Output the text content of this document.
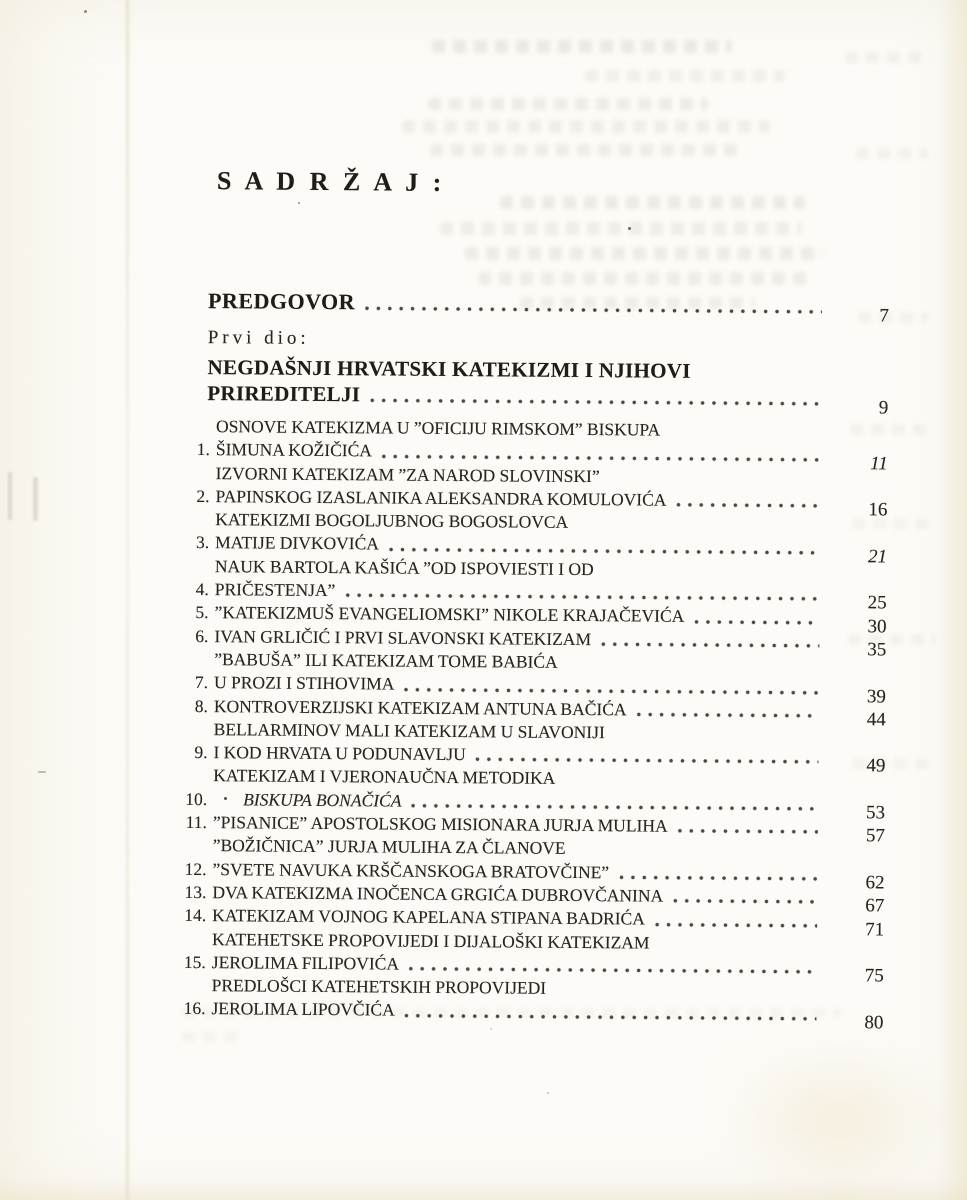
S A D R Ž A J :
PREDGOVOR
7
Prvi dio:
NEGDAŠNJI HRVATSKI KATEKIZMI I NJIHOVI
PRIREDITELJI
9
1.
OSNOVE KATEKIZMA U ”OFICIJU RIMSKOM” BISKUPA
ŠIMUNA KOŽIČIĆA
11
2.
IZVORNI KATEKIZAM ”ZA NAROD SLOVINSKI”
PAPINSKOG IZASLANIKA ALEKSANDRA KOMULOVIĆA
16
3.
KATEKIZMI BOGOLJUBNOG BOGOSLOVCA
MATIJE DIVKOVIĆA
21
4.
NAUK BARTOLA KAŠIĆA ”OD ISPOVIESTI I OD
PRIČESTENJA”
25
5. ”KATEKIZMUŠ EVANGELIOMSKI” NIKOLE KRAJAČEVIĆA
30
6. IVAN GRLIČIĆ I PRVI SLAVONSKI KATEKIZAM
35
7.
”BABUŠA” ILI KATEKIZAM TOME BABIĆA
U PROZI I STIHOVIMA
39
8. KONTROVERZIJSKI KATEKIZAM ANTUNA BAČIĆA
44
9.
BELLARMINOV MALI KATEKIZAM U SLAVONIJI
I KOD HRVATA U PODUNAVLJU
49
10.
KATEKIZAM I VJERONAUČNA METODIKA
BISKUPA BONAČIĆA
53
11. ”PISANICE” APOSTOLSKOG MISIONARA JURJA MULIHA
57
12.
”BOŽIČNICA” JURJA MULIHA ZA ČLANOVE
”SVETE NAVUKA KRŠČANSKOGA BRATOVČINE”
62
13. DVA KATEKIZMA INOČENCA GRGIĆA DUBROVČANINA
67
14. KATEKIZAM VOJNOG KAPELANA STIPANA BADRIĆA
71
15.
KATEHETSKE PROPOVIJEDI I DIJALOŠKI KATEKIZAM
JEROLIMA FILIPOVIĆA
75
16.
PREDLOŠCI KATEHETSKIH PROPOVIJEDI
JEROLIMA LIPOVČIĆA
80
